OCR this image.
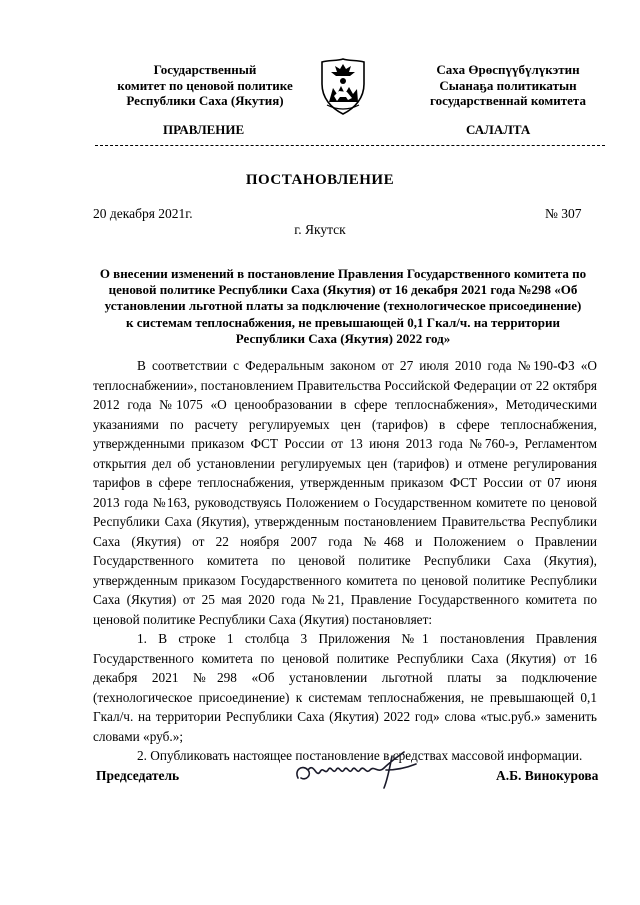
Государственный
комитет по ценовой политике
Республики Саха (Якутия)
Саха Өрөспүүбүлүкэтин
Сыанаҕа политикатын
государственнай комитета
ПРАВЛЕНИЕ	САЛАЛТА
ПОСТАНОВЛЕНИЕ
20 декабря 2021г.	№ 307
г. Якутск
О внесении изменений в постановление Правления Государственного комитета по
ценовой политике Республики Саха (Якутия) от 16 декабря 2021 года №298 «Об
установлении льготной платы за подключение (технологическое присоединение)
к системам теплоснабжения, не превышающей 0,1 Гкал/ч. на территории
Республики Саха (Якутия) 2022 год»

В соответствии с Федеральным законом от 27 июля 2010 года №190-ФЗ «О теплоснабжении», постановлением Правительства Российской Федерации от 22 октября 2012 года №1075 «О ценообразовании в сфере теплоснабжения», Методическими указаниями по расчету регулируемых цен (тарифов) в сфере теплоснабжения, утвержденными приказом ФСТ России от 13 июня 2013 года №760-э, Регламентом открытия дел об установлении регулируемых цен (тарифов) и отмене регулирования тарифов в сфере теплоснабжения, утвержденным приказом ФСТ России от 07 июня 2013 года №163, руководствуясь Положением о Государственном комитете по ценовой Республики Саха (Якутия), утвержденным постановлением Правительства Республики Саха (Якутия) от 22 ноября 2007 года №468 и Положением о Правлении Государственного комитета по ценовой политике Республики Саха (Якутия), утвержденным приказом Государственного комитета по ценовой политике Республики Саха (Якутия) от 25 мая 2020 года №21, Правление Государственного комитета по ценовой политике Республики Саха (Якутия) постановляет:

1. В строке 1 столбца 3 Приложения №1 постановления Правления Государственного комитета по ценовой политике Республики Саха (Якутия) от 16 декабря 2021 №298 «Об установлении льготной платы за подключение (технологическое присоединение) к системам теплоснабжения, не превышающей 0,1 Гкал/ч. на территории Республики Саха (Якутия) 2022 год» слова «тыс.руб.» заменить словами «руб.»;

2. Опубликовать настоящее постановление в средствах массовой информации.

Председатель	А.Б. Винокурова
